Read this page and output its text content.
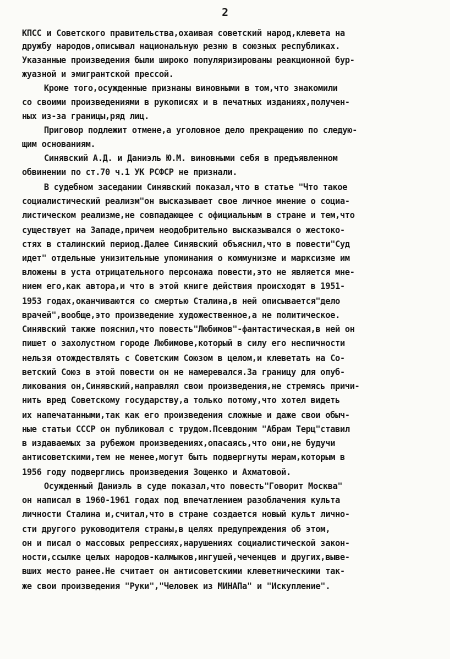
2
КПСС и Советского правительства,охаивая советский народ,клевета на
дружбу народов,описывал национальную резню в союзных республиках.
Указанные произведения были широко популяризированы реакционной бур-
жуазной и эмигрантской прессой.
Кроме того,осужденные признаны виновными в том,что знакомили
со своими произведениями в рукописях и в печатных изданиях,получен-
ных из-за границы,ряд лиц.
Приговор подлежит отмене,а уголовное дело прекращению по следую-
щим основаниям.
Синявский А.Д. и Даниэль Ю.М. виновными себя в предъявленном
обвинении по ст.70 ч.1 УК РСФСР не признали.
В судебном заседании Синявский показал,что в статье "Что такое
социалистический реализм"он высказывает свое личное мнение о социа-
листическом реализме,не совпадающее с официальным в стране и тем,что
существует на Западе,причем неодобрительно высказывался о жестоко-
стях в сталинский период.Далее Синявский объяснил,что в повести"Суд
идет" отдельные унизительные упоминания о коммунизме и марксизме им
вложены в уста отрицательного персонажа повести,это не является мне-
нием его,как автора,и что в этой книге действия происходят в 1951-
1953 годах,оканчиваются со смертью Сталина,в ней описывается"дело
врачей",вообще,это произведение художественное,а не политическое.
Синявский также пояснил,что повесть"Любимов"-фантастическая,в ней он
пишет о захолустном городе Любимове,который в силу его неспичности
нельзя отождествлять с Советским Союзом в целом,и клеветать на Со-
ветский Союз в этой повести он не намеревался.За границу для опуб-
ликования он,Синявский,направлял свои произведения,не стремясь причи-
нить вред Советскому государству,а только потому,что хотел видеть
их напечатанными,так как его произведения сложные и даже свои обыч-
ные статьи СССР он публиковал с трудом.Псевдоним "Абрам Терц"ставил
в издаваемых за рубежом произведениях,опасаясь,что они,не будучи
антисоветскими,тем не менее,могут быть подвергнуты мерам,которым в
1956 году подверглись произведения Зощенко и Ахматовой.
Осужденный Даниэль в суде показал,что повесть"Говорит Москва"
он написал в 1960-1961 годах под впечатлением разоблачения культа
личности Сталина и,считал,что в стране создается новый культ лично-
сти другого руководителя страны,в целях предупреждения об этом,
он и писал о массовых репрессиях,нарушениях социалистической закон-
ности,ссылке целых народов-калмыков,ингушей,чеченцев и других,выве-
вших место ранее.Не считает он антисоветскими клеветническими так-
же свои произведения "Руки","Человек из МИНАПа" и "Искупление".
